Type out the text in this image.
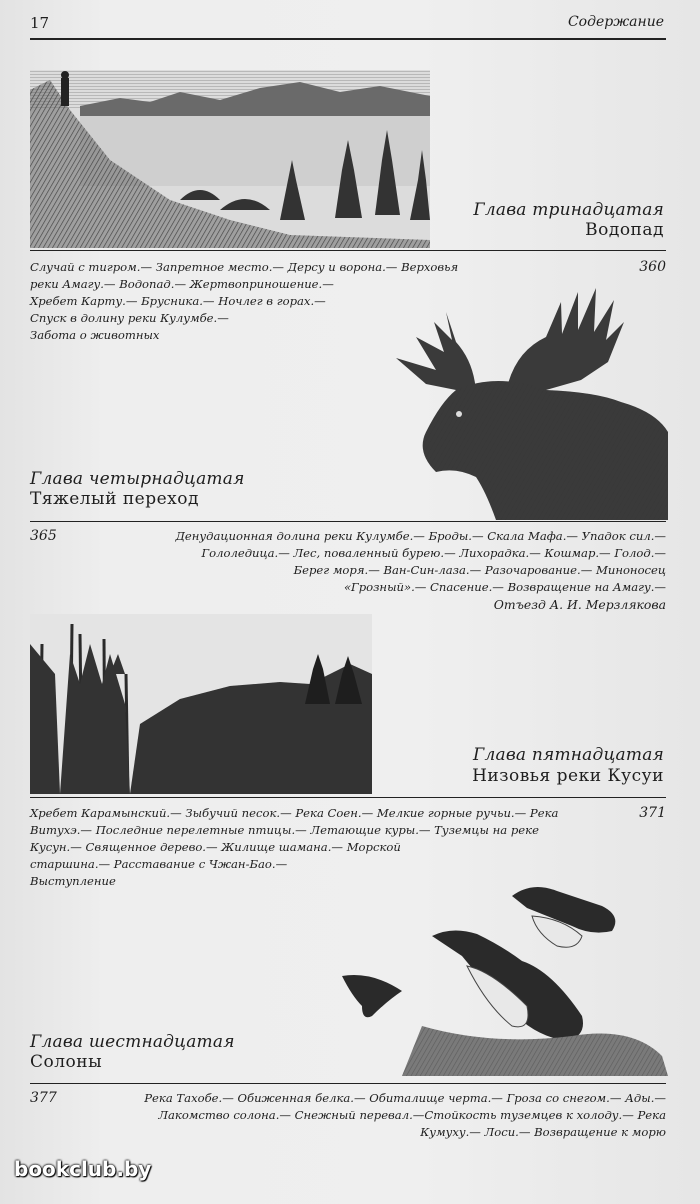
17	Содержание
Глава тринадцатая
Водопад
Случай с тигром.— Запретное место.— Дерсу и ворона.— Верховья
реки Амагу.— Водопад.— Жертвоприношение.—
Хребет Карту.— Брусника.— Ночлег в горах.—
Спуск в долину реки Кулумбе.—
Забота о животных
360
Глава четырнадцатая
Тяжелый переход
365	Денудационная долина реки Кулумбе.— Броды.— Скала Мафа.— Упадок сил.—
Гололедица.— Лес, поваленный бурею.— Лихорадка.— Кошмар.— Голод.—
Берег моря.— Ван-Син-лаза.— Разочарование.— Миноносец
«Грозный».— Спасение.— Возвращение на Амагу.—
Отъезд А. И. Мерзлякова
Глава пятнадцатая
Низовья реки Кусуи
Хребет Карамынский.— Зыбучий песок.— Река Соен.— Мелкие горные ручьи.— Река
Витухэ.— Последние перелетные птицы.— Летающие куры.— Туземцы на реке
Кусун.— Священное дерево.— Жилище шамана.— Морской
старшина.— Расставание с Чжан-Бао.—
Выступление
371
Глава шестнадцатая
Солоны
377	Река Тахобе.— Обиженная белка.— Обиталище черта.— Гроза со снегом.— Ады.—
Лакомство солона.— Снежный перевал.—Стойкость туземцев к холоду.— Река
Кумуху.— Лоси.— Возвращение к морю
bookclub.by
